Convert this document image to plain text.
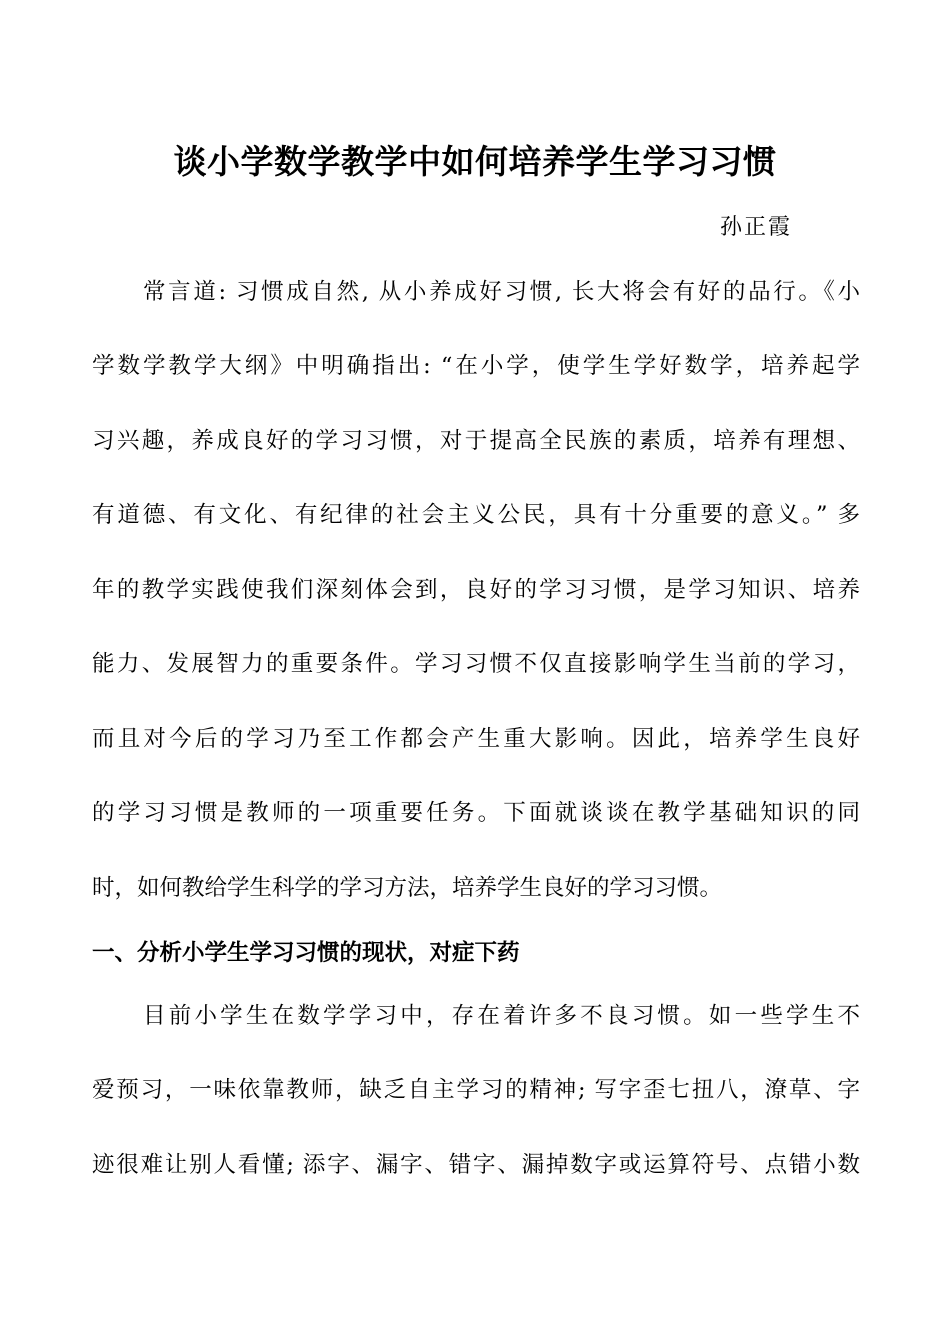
谈小学数学教学中如何培养学生学习习惯
孙正霞
常言道: 习惯成自然, 从小养成好习惯, 长大将会有好的品行。《小
学数学教学大纲》中明确指出: “在小学，使学生学好数学，培养起学
习兴趣，养成良好的学习习惯，对于提高全民族的素质，培养有理想、
有道德、有文化、有纪律的社会主义公民，具有十分重要的意义。” 多
年的教学实践使我们深刻体会到，良好的学习习惯，是学习知识、培养
能力、发展智力的重要条件。学习习惯不仅直接影响学生当前的学习，
而且对今后的学习乃至工作都会产生重大影响。因此，培养学生良好
的学习习惯是教师的一项重要任务。下面就谈谈在教学基础知识的同
时，如何教给学生科学的学习方法，培养学生良好的学习习惯。
一、分析小学生学习习惯的现状，对症下药
目前小学生在数学学习中，存在着许多不良习惯。如一些学生不
爱预习，一味依靠教师，缺乏自主学习的精神; 写字歪七扭八，潦草、字
迹很难让别人看懂; 添字、漏字、错字、漏掉数字或运算符号、点错小数
